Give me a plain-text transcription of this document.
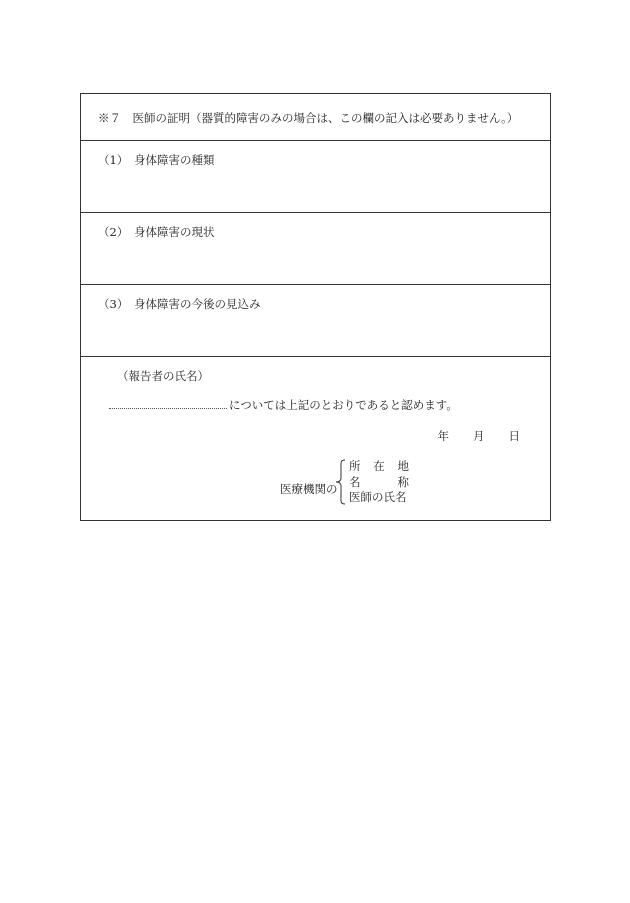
※７　医師の証明（器質的障害のみの場合は、この欄の記入は必要ありません。）
（1） 身体障害の種類
（2） 身体障害の現状
（3） 身体障害の今後の見込み
（報告者の氏名）
については上記のとおりであると認めます。
年 月 日
医療機関の
所 在 地
名	称
医師の氏名
